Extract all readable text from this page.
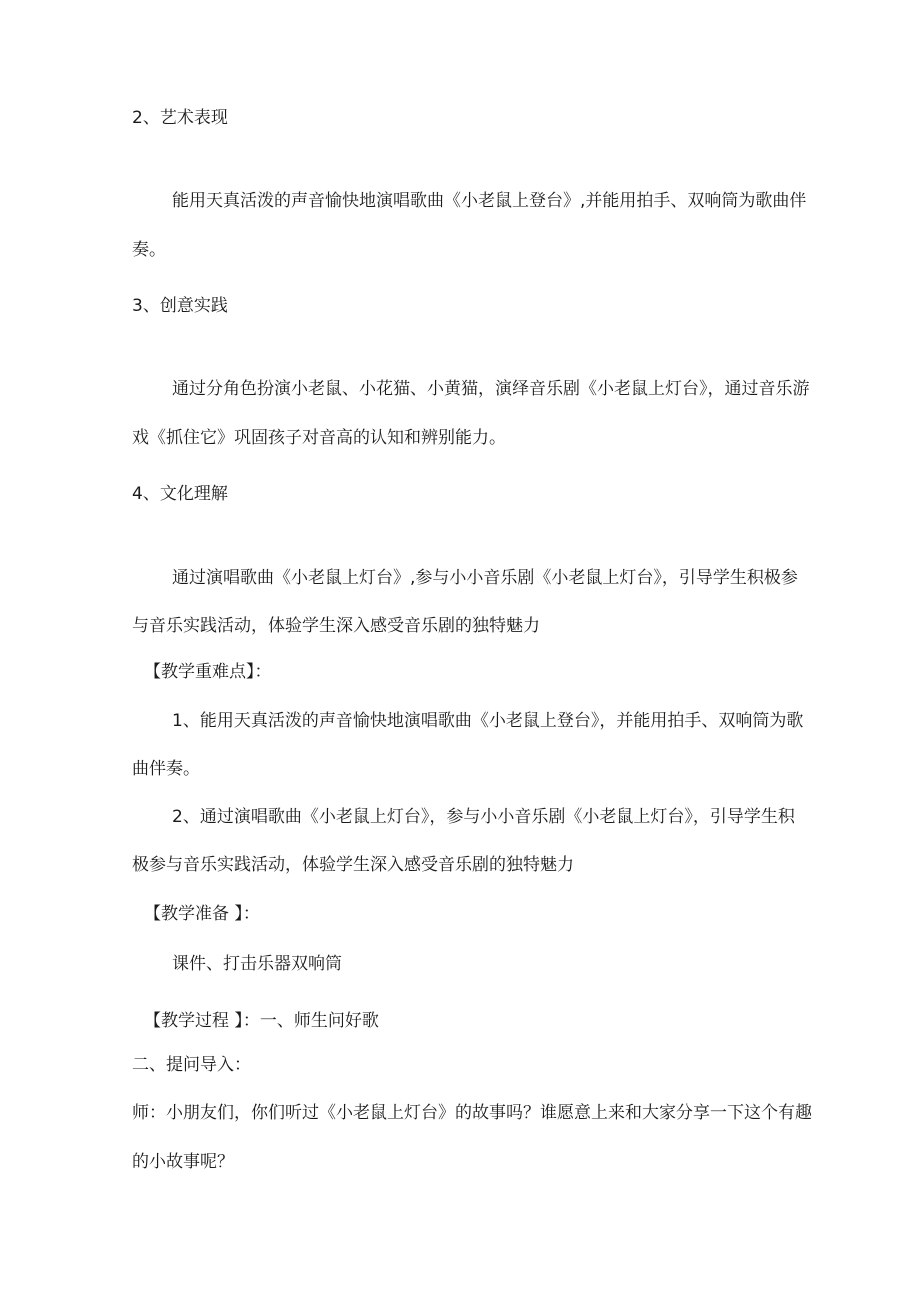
2、艺术表现
能用天真活泼的声音愉快地演唱歌曲《小老鼠上登台》,并能用拍手、双响筒为歌曲伴
奏。
3、创意实践
通过分角色扮演小老鼠、小花猫、小黄猫，演绎音乐剧《小老鼠上灯台》，通过音乐游
戏《抓住它》巩固孩子对音高的认知和辨别能力。
4、文化理解
通过演唱歌曲《小老鼠上灯台》,参与小小音乐剧《小老鼠上灯台》，引导学生积极参
与音乐实践活动，体验学生深入感受音乐剧的独特魅力
【教学重难点】：
1、能用天真活泼的声音愉快地演唱歌曲《小老鼠上登台》，并能用拍手、双响筒为歌
曲伴奏。
2、通过演唱歌曲《小老鼠上灯台》，参与小小音乐剧《小老鼠上灯台》，引导学生积
极参与音乐实践活动，体验学生深入感受音乐剧的独特魅力
【教学准备 】：
课件、打击乐器双响筒
【教学过程 】：一、师生问好歌
二、提问导入：
师：小朋友们，你们听过《小老鼠上灯台》的故事吗？谁愿意上来和大家分享一下这个有趣
的小故事呢？
